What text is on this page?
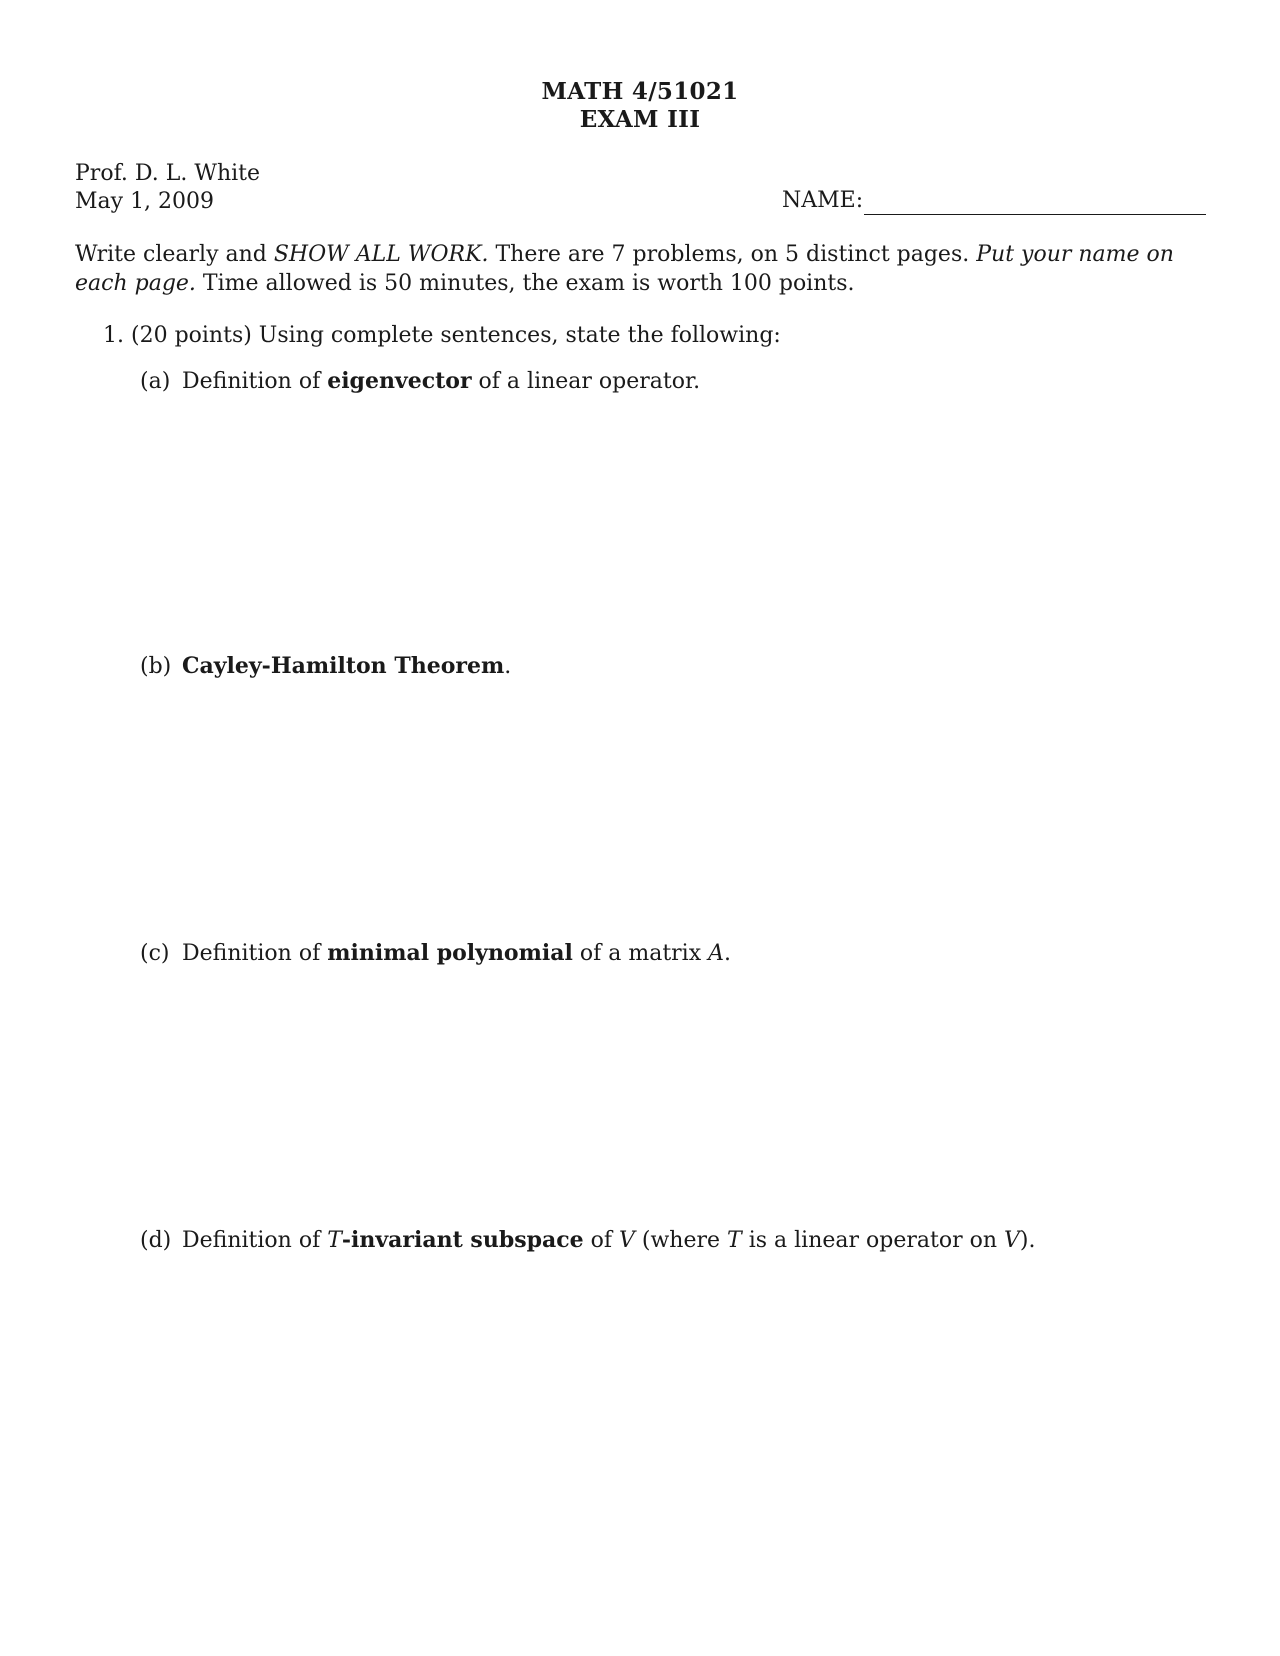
MATH 4/51021
EXAM III
Prof. D. L. White
May 1, 2009	NAME:
Write clearly and SHOW ALL WORK. There are 7 problems, on 5 distinct pages. Put your name on each page. Time allowed is 50 minutes, the exam is worth 100 points.
1. (20 points) Using complete sentences, state the following:
(a) Definition of eigenvector of a linear operator.
(b) Cayley-Hamilton Theorem.
(c) Definition of minimal polynomial of a matrix A.
(d) Definition of T-invariant subspace of V (where T is a linear operator on V).
